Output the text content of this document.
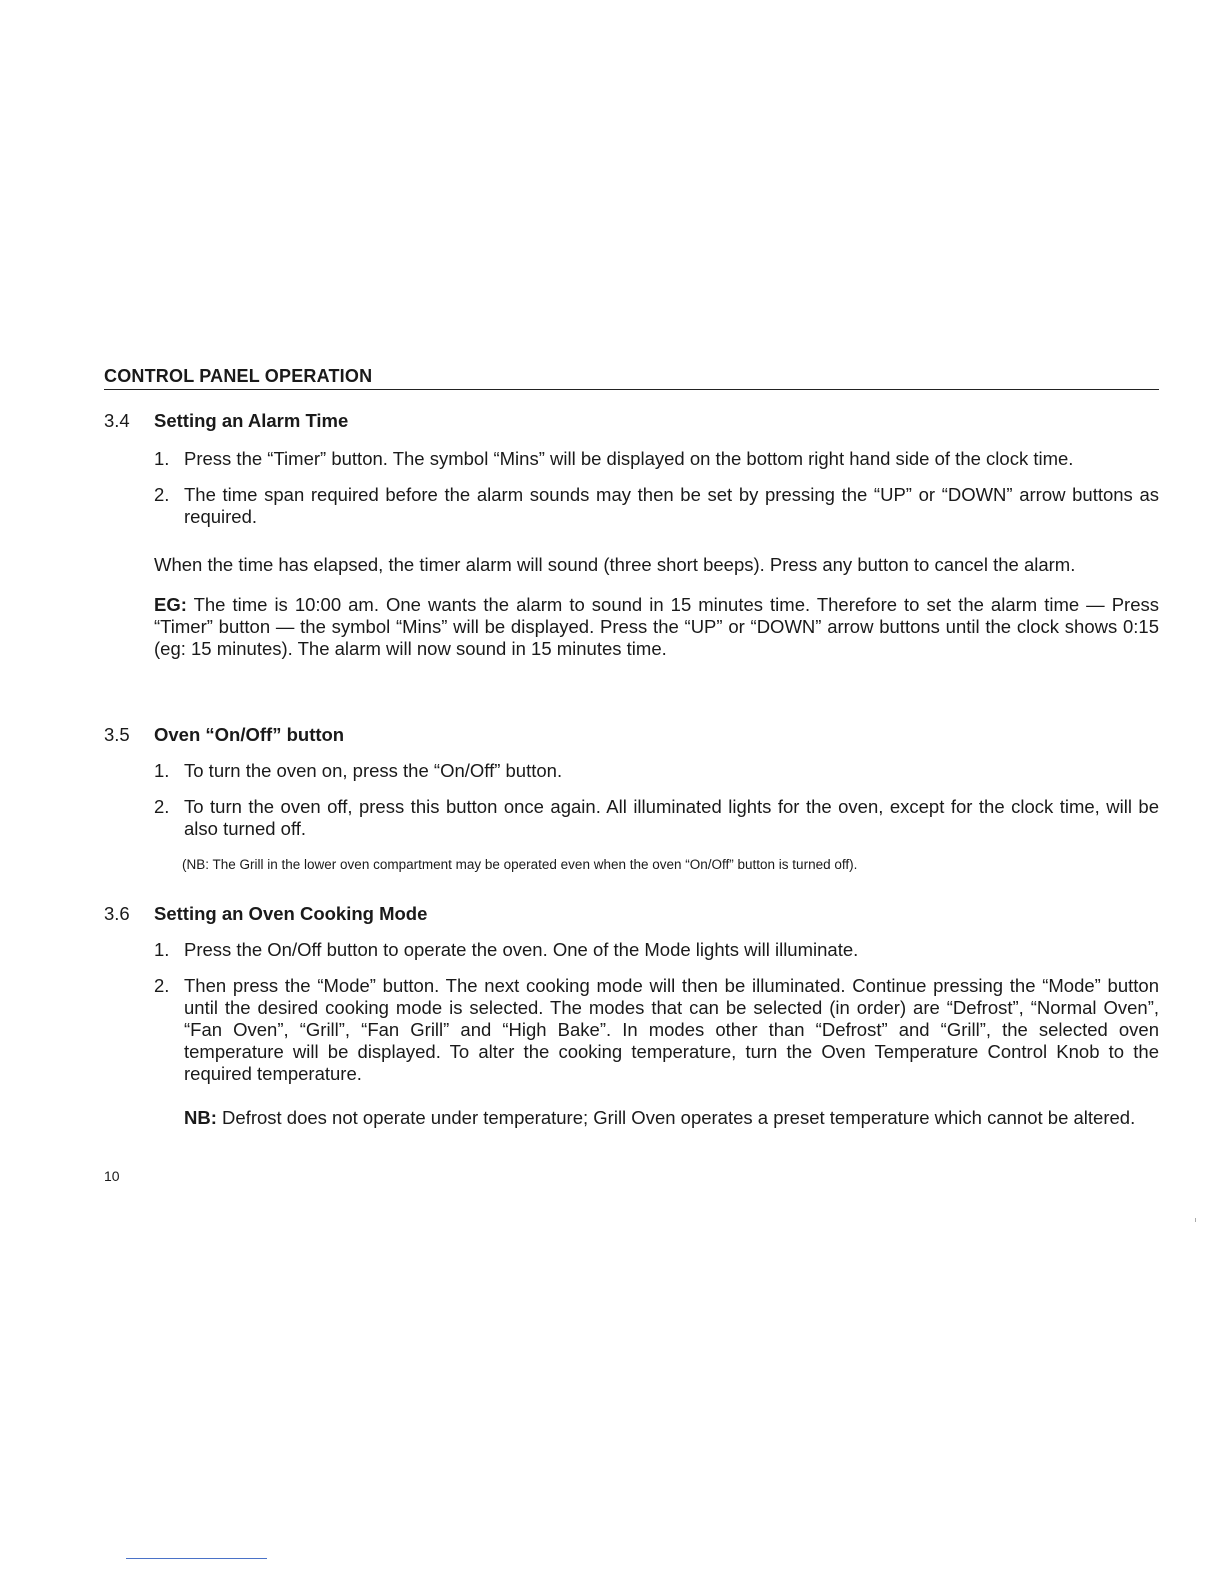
CONTROL PANEL OPERATION
3.4 Setting an Alarm Time
1. Press the “Timer” button. The symbol “Mins” will be displayed on the bottom right hand side of the clock time.
2. The time span required before the alarm sounds may then be set by pressing the “UP” or “DOWN” arrow buttons as required.
When the time has elapsed, the timer alarm will sound (three short beeps). Press any button to cancel the alarm.
EG: The time is 10:00 am. One wants the alarm to sound in 15 minutes time. Therefore to set the alarm time — Press “Timer” button — the symbol “Mins” will be displayed. Press the “UP” or “DOWN” arrow buttons until the clock shows 0:15 (eg: 15 minutes). The alarm will now sound in 15 minutes time.
3.5 Oven “On/Off” button
1. To turn the oven on, press the “On/Off” button.
2. To turn the oven off, press this button once again. All illuminated lights for the oven, except for the clock time, will be also turned off.
(NB: The Grill in the lower oven compartment may be operated even when the oven “On/Off” button is turned off).
3.6 Setting an Oven Cooking Mode
1. Press the On/Off button to operate the oven. One of the Mode lights will illuminate.
2. Then press the “Mode” button. The next cooking mode will then be illuminated. Continue pressing the “Mode” button until the desired cooking mode is selected. The modes that can be selected (in order) are “Defrost”, “Normal Oven”, “Fan Oven”, “Grill”, “Fan Grill” and “High Bake”. In modes other than “Defrost” and “Grill”, the selected oven temperature will be displayed. To alter the cooking temperature, turn the Oven Temperature Control Knob to the required temperature.
NB: Defrost does not operate under temperature; Grill Oven operates a preset temperature which cannot be altered.
10
